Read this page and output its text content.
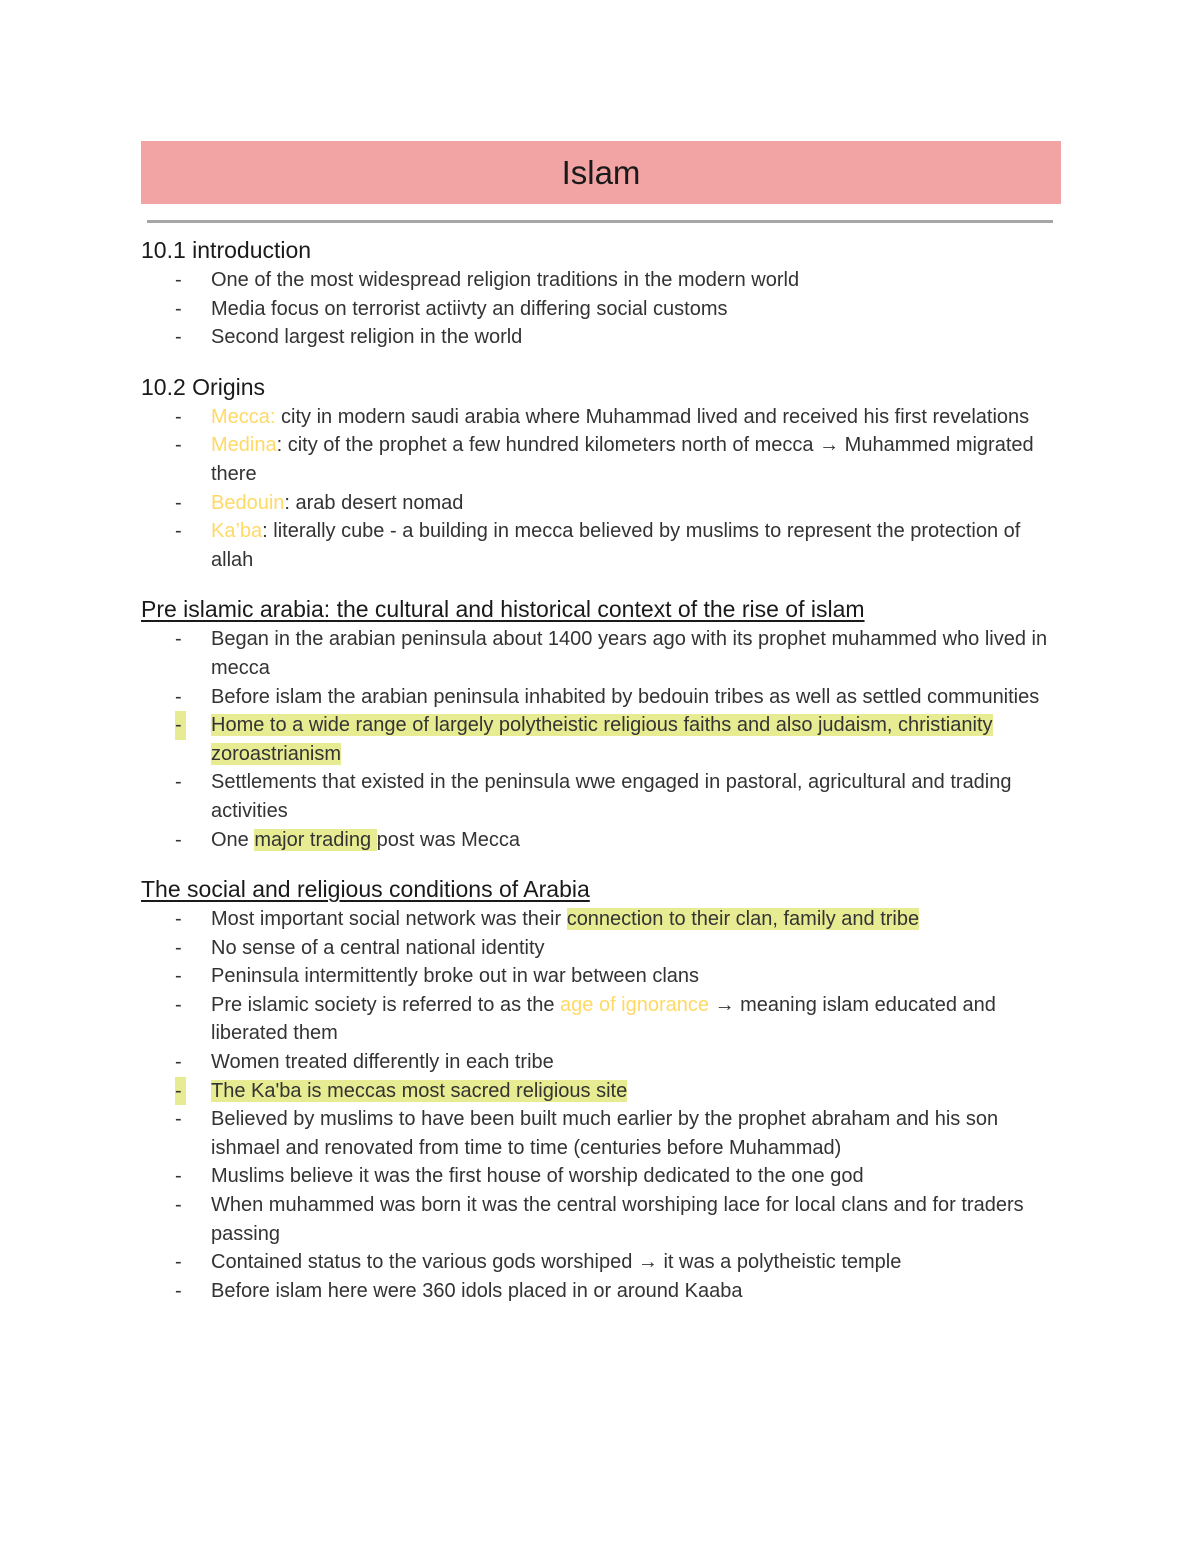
Islam
10.1 introduction
- One of the most widespread religion traditions in the modern world
- Media focus on terrorist actiivty an differing social customs
- Second largest religion in the world
10.2 Origins
- Mecca: city in modern saudi arabia where Muhammad lived and received his first revelations
- Medina: city of the prophet a few hundred kilometers north of mecca → Muhammed migrated there
- Bedouin: arab desert nomad
- Ka’ba: literally cube - a building in mecca believed by muslims to represent the protection of allah
Pre islamic arabia: the cultural and historical context of the rise of islam
- Began in the arabian peninsula about 1400 years ago with its prophet muhammed who lived in mecca
- Before islam the arabian peninsula inhabited by bedouin tribes as well as settled communities
- Home to a wide range of largely polytheistic religious faiths and also judaism, christianity zoroastrianism
- Settlements that existed in the peninsula wwe engaged in pastoral, agricultural and trading activities
- One major trading post was Mecca
The social and religious conditions of Arabia
- Most important social network was their connection to their clan, family and tribe
- No sense of a central national identity
- Peninsula intermittently broke out in war between clans
- Pre islamic society is referred to as the age of ignorance → meaning islam educated and liberated them
- Women treated differently in each tribe
- The Ka'ba is meccas most sacred religious site
- Believed by muslims to have been built much earlier by the prophet abraham and his son ishmael and renovated from time to time (centuries before Muhammad)
- Muslims believe it was the first house of worship dedicated to the one god
- When muhammed was born it was the central worshiping lace for local clans and for traders passing
- Contained status to the various gods worshiped → it was a polytheistic temple
- Before islam here were 360 idols placed in or around Kaaba
